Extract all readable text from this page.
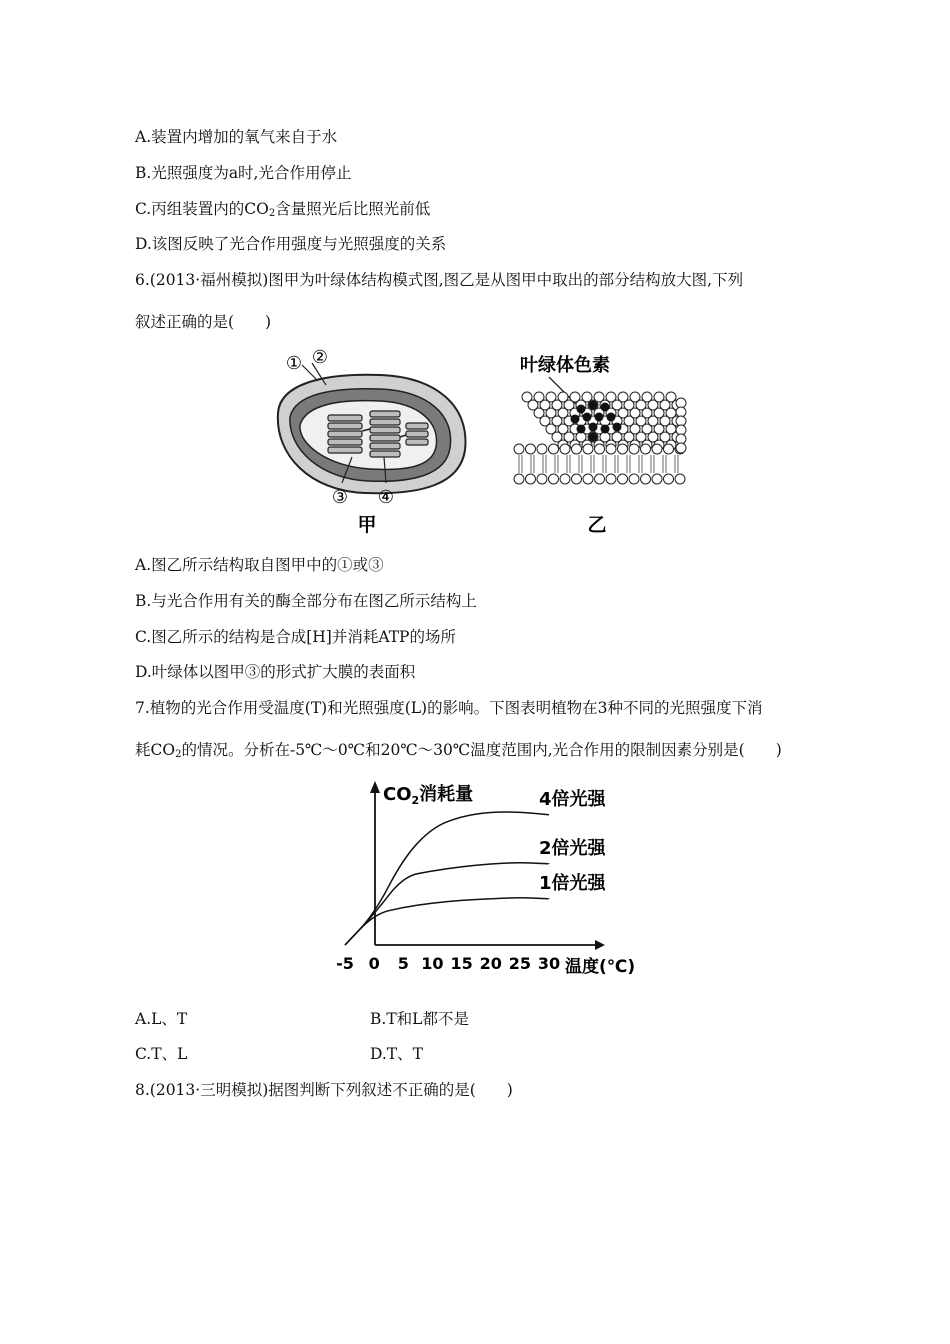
A.装置内增加的氧气来自于水
B.光照强度为a时,光合作用停止
C.丙组装置内的$CO_2$含量照光后比照光前低
D.该图反映了光合作用强度与光照强度的关系
6.(2013·福州模拟)图甲为叶绿体结构模式图,图乙是从图甲中取出的部分结构放大图,下列
叙述正确的是(　　)
① ②
③ ④
甲
叶绿体色素
乙
A.图乙所示结构取自图甲中的①或③
B.与光合作用有关的酶全部分布在图乙所示结构上
C.图乙所示的结构是合成[H]并消耗ATP的场所
D.叶绿体以图甲③的形式扩大膜的表面积
7.植物的光合作用受温度(T)和光照强度(L)的影响。下图表明植物在3种不同的光照强度下消
耗$CO_2$的情况。分析在-5℃～0℃和20℃～30℃温度范围内,光合作用的限制因素分别是(　　)
$CO_2$消耗量
温度(℃)
-5 0 5 10 15 20 25 30
4倍光强
2倍光强
1倍光强
A.L、T	B.T和L都不是
C.T、L	D.T、T
8.(2013·三明模拟)据图判断下列叙述不正确的是(　　)
